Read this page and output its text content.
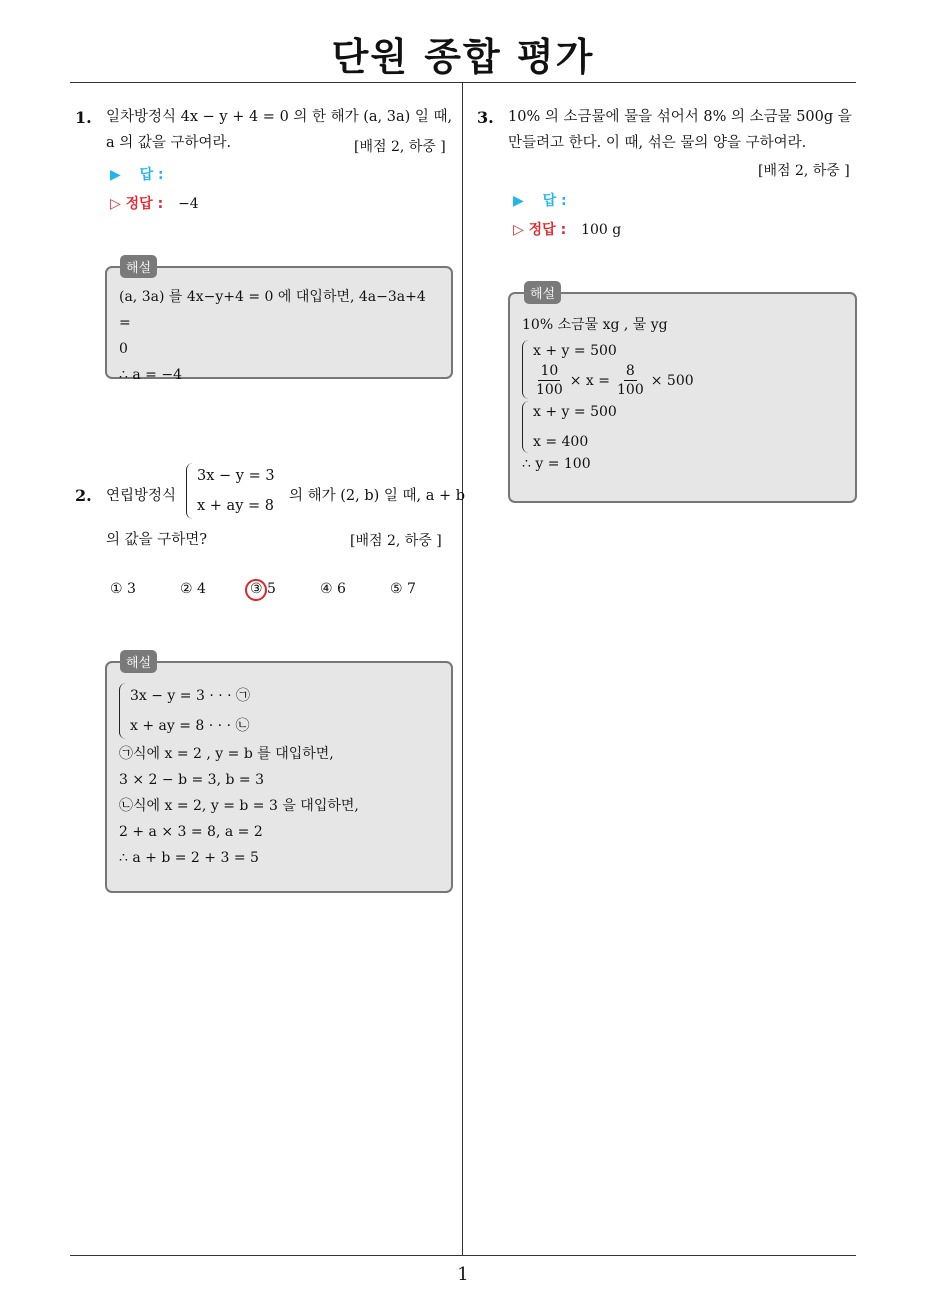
단원 종합 평가
1
1. 일차방정식 4x − y + 4 = 0 의 한 해가 (a, 3a) 일 때,
a 의 값을 구하여라.	[배점 2, 하중 ]
▶ 답 :
▷ 정답 : −4
(a, 3a) 를 4x−y+4 = 0 에 대입하면, 4a−3a+4 =
0
∴ a = −4
해설
2. 연립방정식
3x − y = 3
x + ay = 8
의 해가 (2, b) 일 때, a + b
의 값을 구하면?	[배점 2, 하중 ]
① 3	② 4	③ 5	④ 6	⑤ 7
3x − y = 3 · · · ㉠
x + ay = 8 · · · ㉡
㉠식에 x = 2 , y = b 를 대입하면,
3 × 2 − b = 3, b = 3
㉡식에 x = 2, y = b = 3 을 대입하면,
2 + a × 3 = 8, a = 2
∴ a + b = 2 + 3 = 5
해설
3. 10% 의 소금물에 물을 섞어서 8% 의 소금물 500g 을
만들려고 한다. 이 때, 섞은 물의 양을 구하여라.
[배점 2, 하중 ]
▶ 답 :
▷ 정답 : 100 g
10% 소금물 xg , 물 yg
x + y = 500
$\frac{10}{100} \times x = \frac{8}{100} \times 500$
x + y = 500
x = 400
∴ y = 100
해설
